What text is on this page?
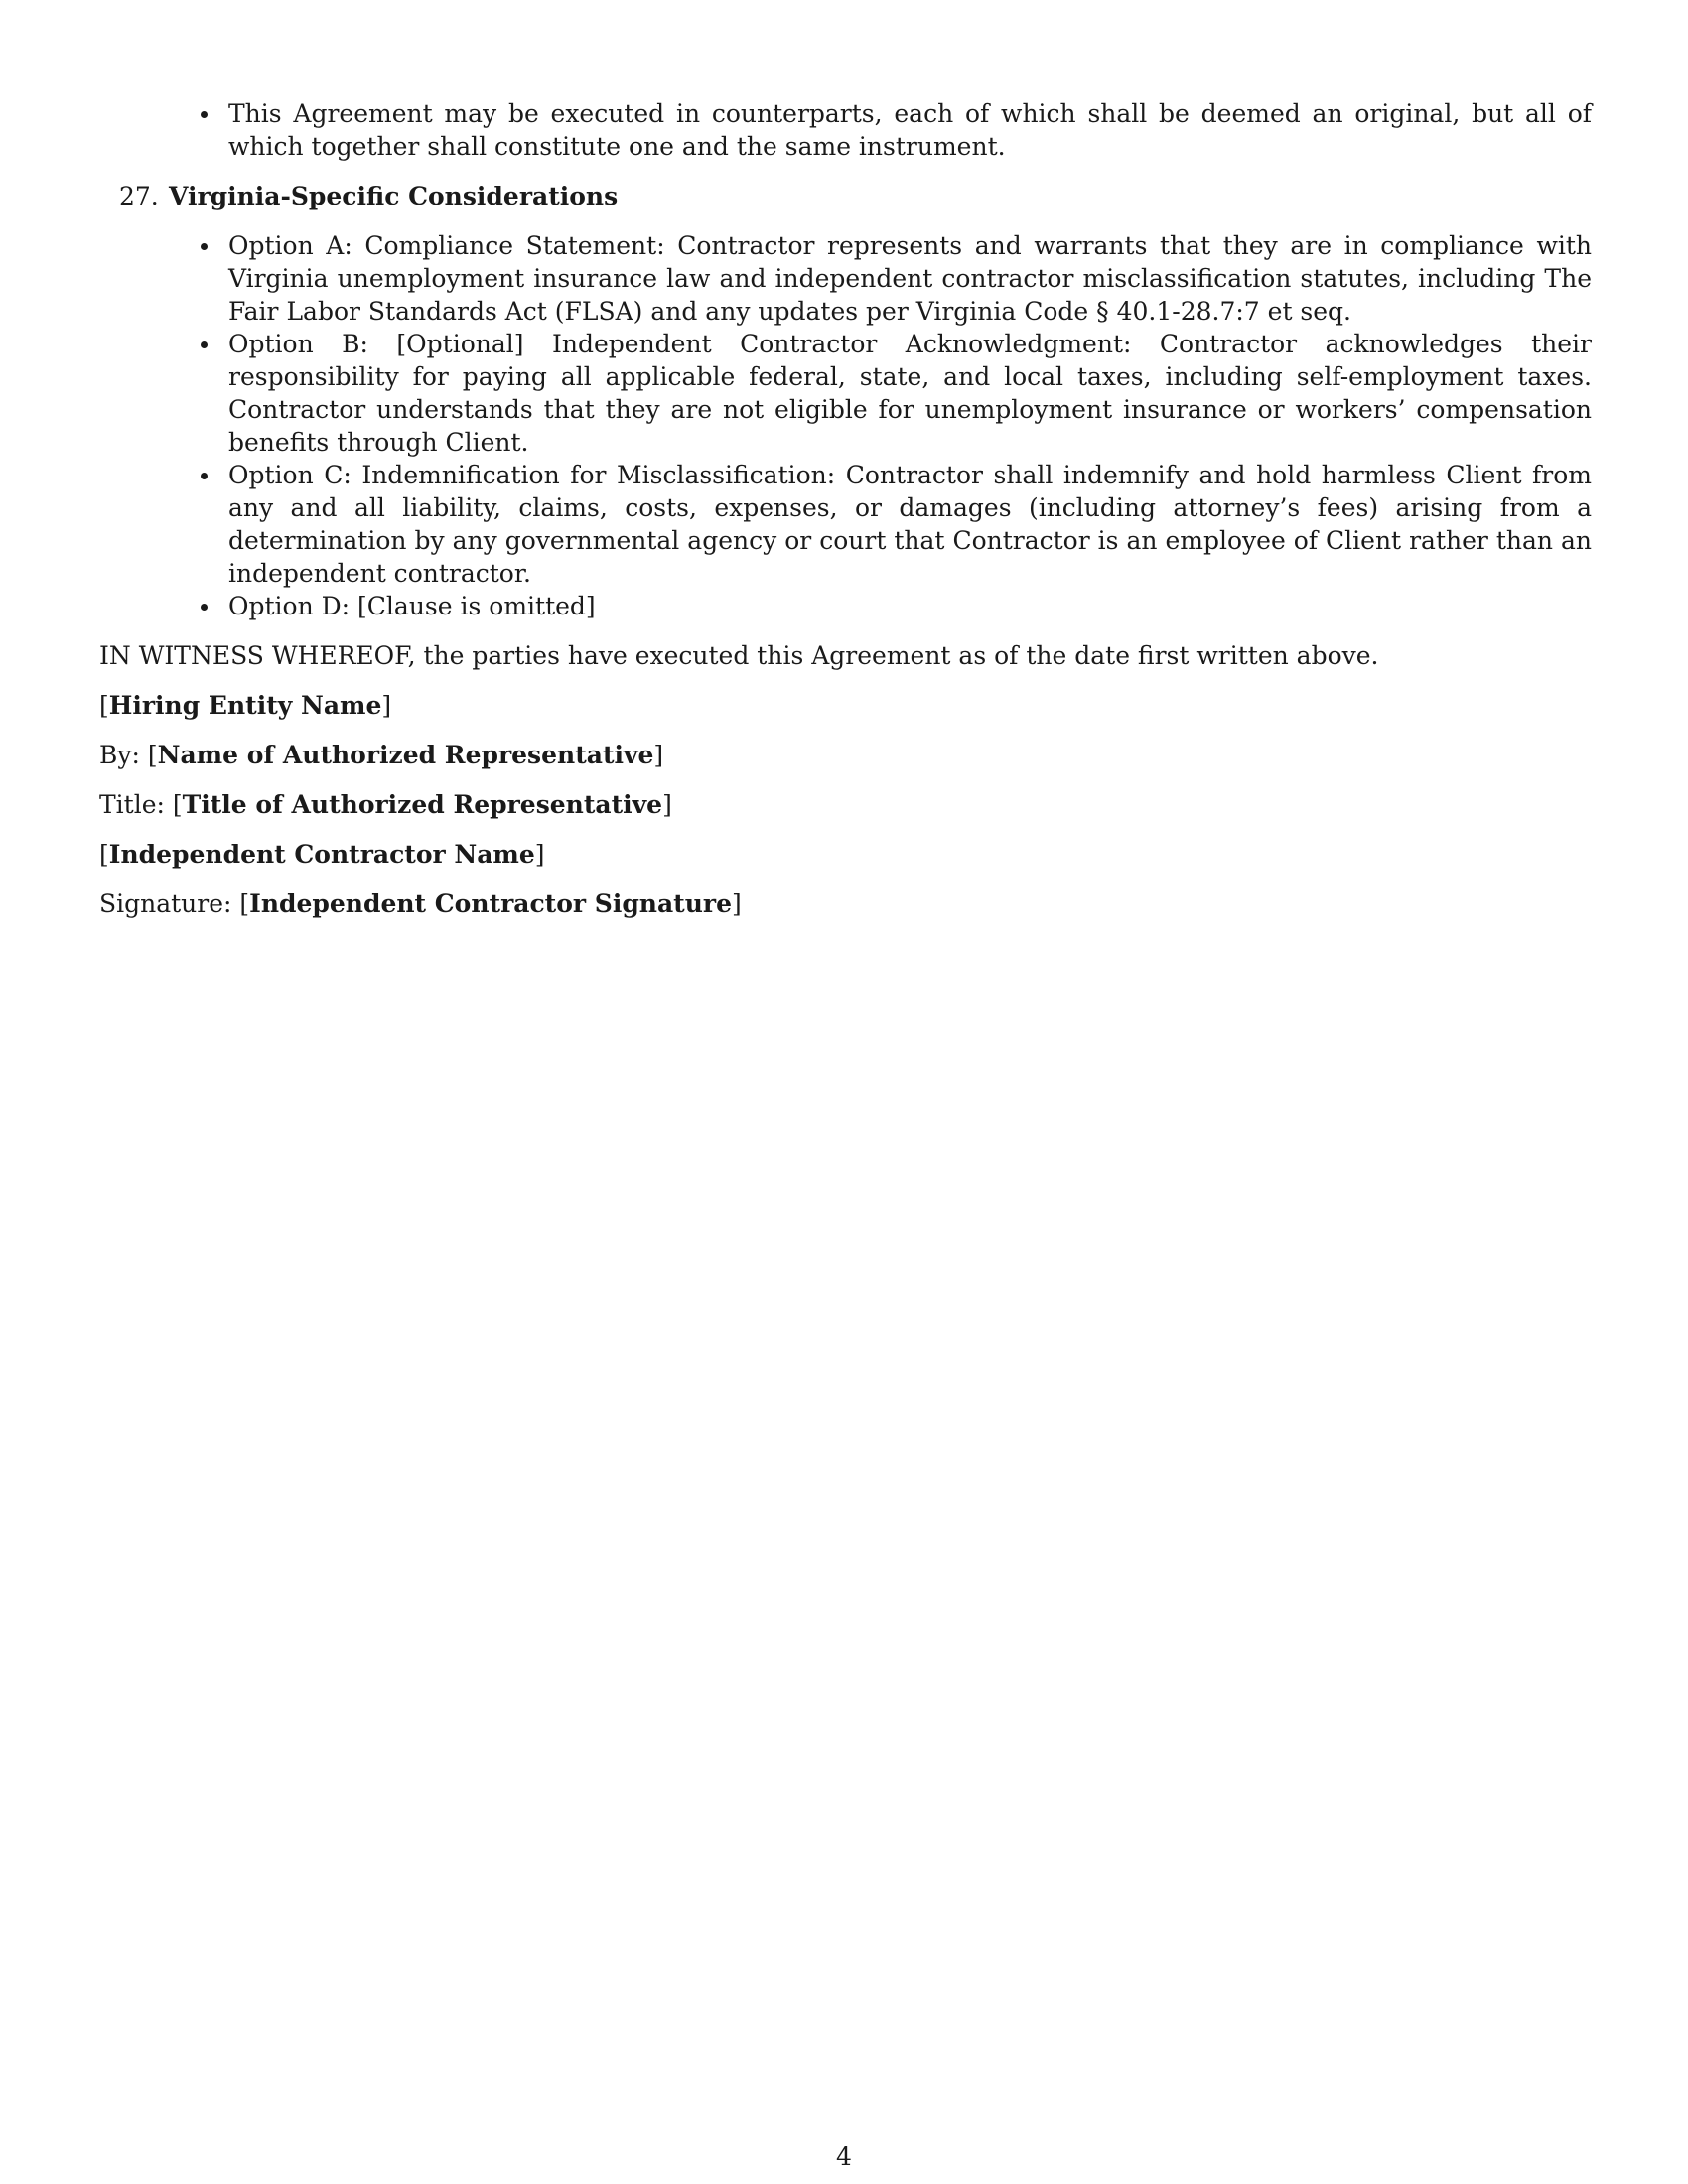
This Agreement may be executed in counterparts, each of which shall be deemed an original, but all of which together shall constitute one and the same instrument.
27. Virginia-Specific Considerations
Option A: Compliance Statement: Contractor represents and warrants that they are in compliance with Virginia unemployment insurance law and independent contractor misclassification statutes, including The Fair Labor Standards Act (FLSA) and any updates per Virginia Code § 40.1-28.7:7 et seq.
Option B: [Optional] Independent Contractor Acknowledgment: Contractor acknowledges their responsibility for paying all applicable federal, state, and local taxes, including self-employment taxes. Contractor understands that they are not eligible for unemployment insurance or workers’ compensation benefits through Client.
Option C: Indemnification for Misclassification: Contractor shall indemnify and hold harmless Client from any and all liability, claims, costs, expenses, or damages (including attorney’s fees) arising from a determination by any governmental agency or court that Contractor is an employee of Client rather than an independent contractor.
Option D: [Clause is omitted]
IN WITNESS WHEREOF, the parties have executed this Agreement as of the date first written above.
[Hiring Entity Name]
By: [Name of Authorized Representative]
Title: [Title of Authorized Representative]
[Independent Contractor Name]
Signature: [Independent Contractor Signature]
4
